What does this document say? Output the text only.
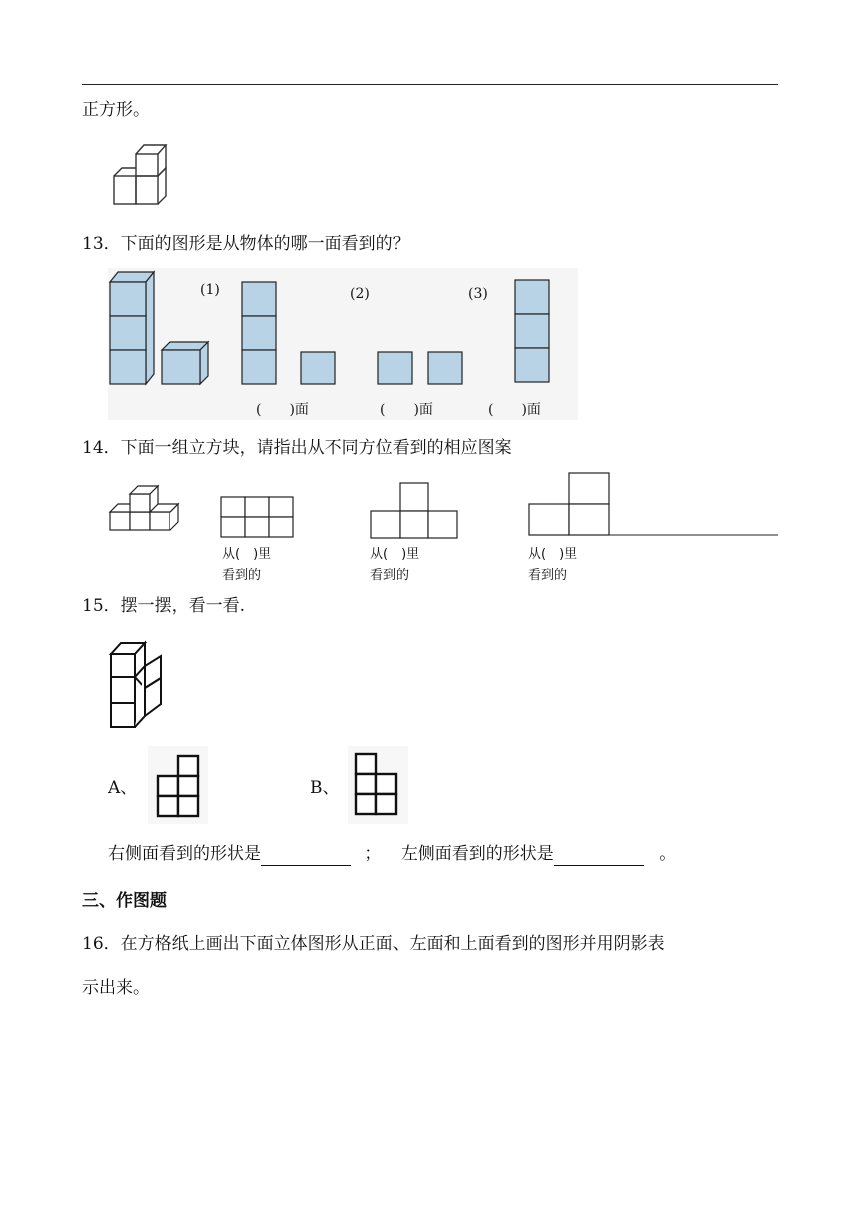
正方形。
13．下面的图形是从物体的哪一面看到的？
(1)	(2)	(3)
(　　)面	(　　)面	(　　)面
14．下面一组立方块，请指出从不同方位看到的相应图案
从(　)里
看到的
从(　)里
看到的
从(　)里
看到的
15．摆一摆，看一看.
A、	B、
右侧面看到的形状是	； 左侧面看到的形状是	。
三、作图题
16．在方格纸上画出下面立体图形从正面、左面和上面看到的图形并用阴影表
示出来。
